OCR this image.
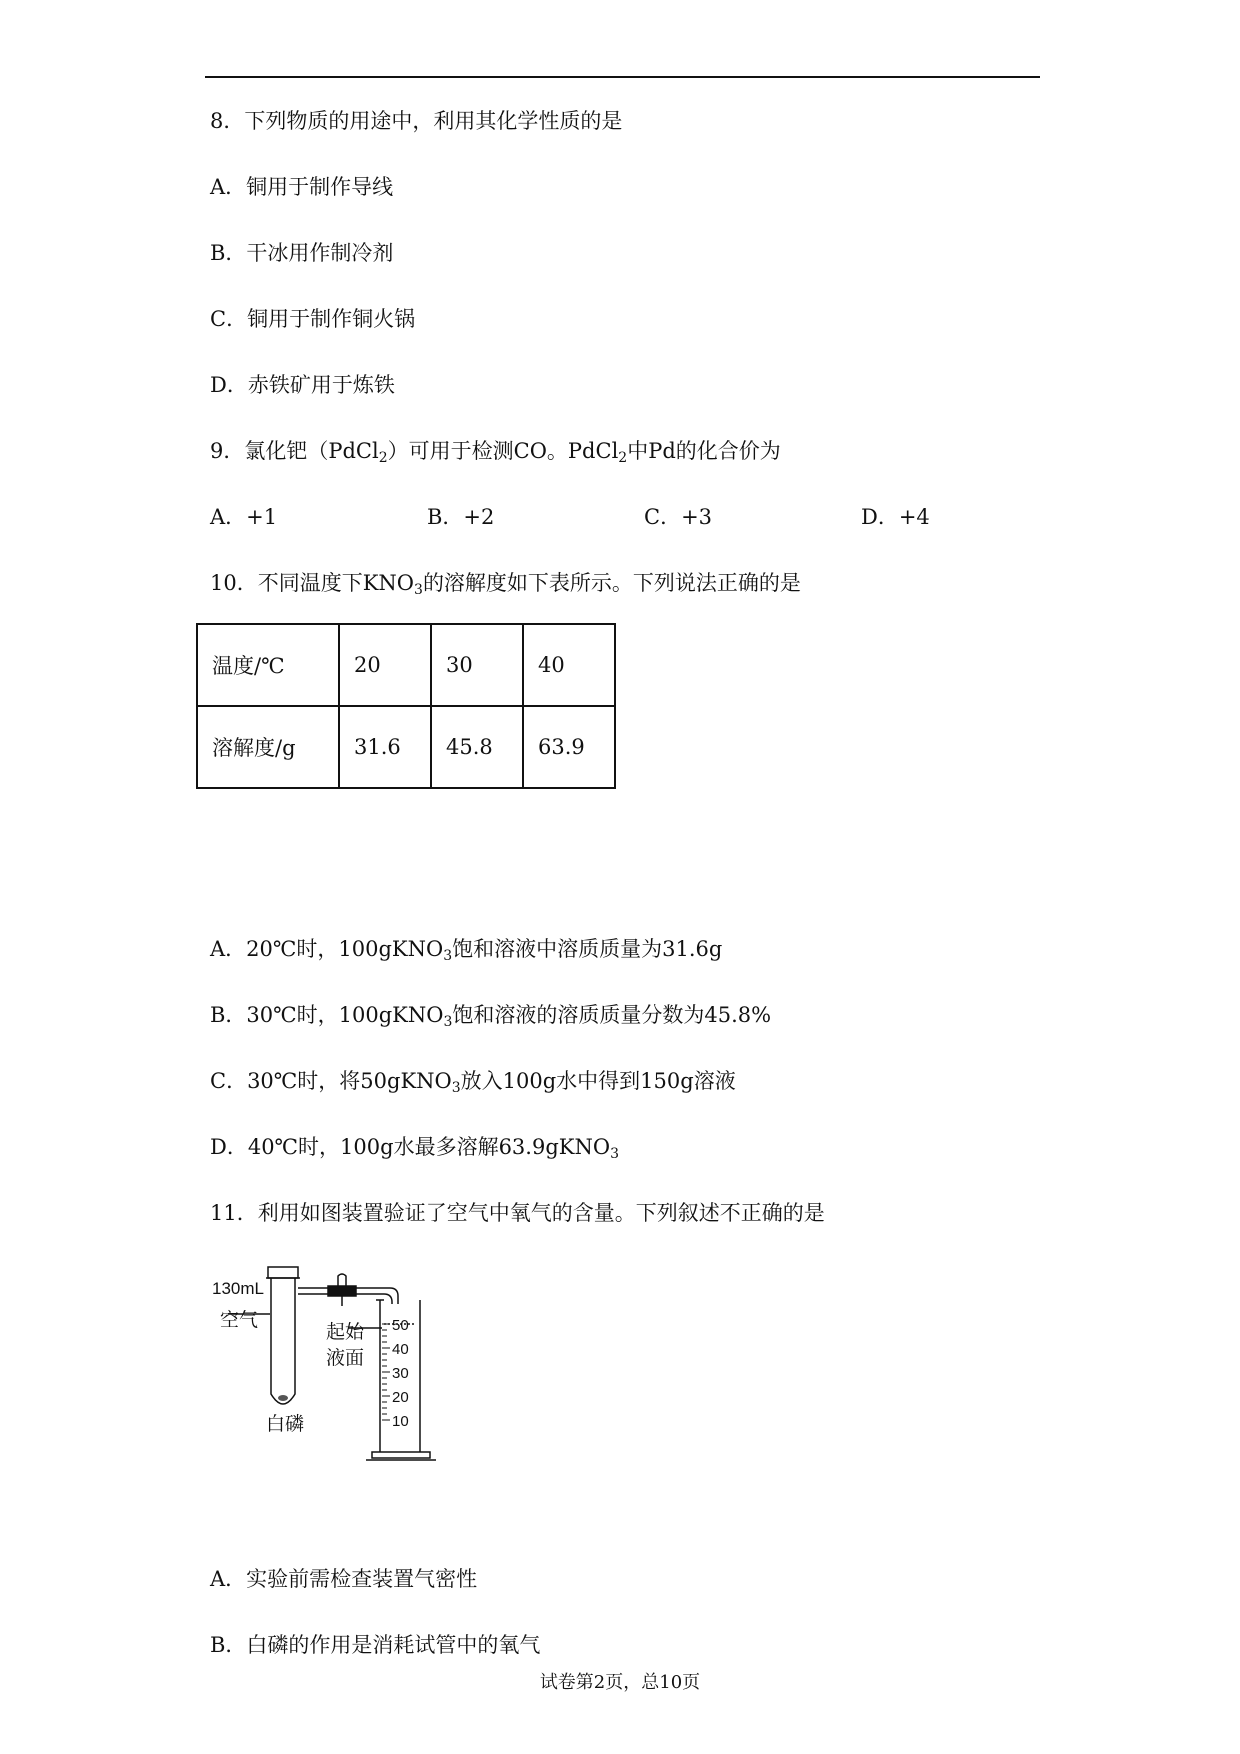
8．下列物质的用途中，利用其化学性质的是
A．铜用于制作导线
B．干冰用作制冷剂
C．铜用于制作铜火锅
D．赤铁矿用于炼铁
9．氯化钯（PdCl$_2$）可用于检测CO。PdCl$_2$中Pd的化合价为
A．+1	B．+2	C．+3	D．+4
10．不同温度下$KNO_3$的溶解度如下表所示。下列说法正确的是
温度/℃	20	30	40
溶解度/g	31.6	45.8	63.9
A．20℃时，100gKNO$_3$饱和溶液中溶质质量为31.6g
B．30℃时，100gKNO$_3$饱和溶液的溶质质量分数为45.8%
C．30℃时，将50gKNO$_3$放入100g水中得到150g溶液
D．40℃时，100g水最多溶解63.9gKNO$_3$
11．利用如图装置验证了空气中氧气的含量。下列叙述不正确的是
130mL
空气
白磷
起始
液面
50
40
30
20
10
A．实验前需检查装置气密性
B．白磷的作用是消耗试管中的氧气
试卷第2页，总10页
